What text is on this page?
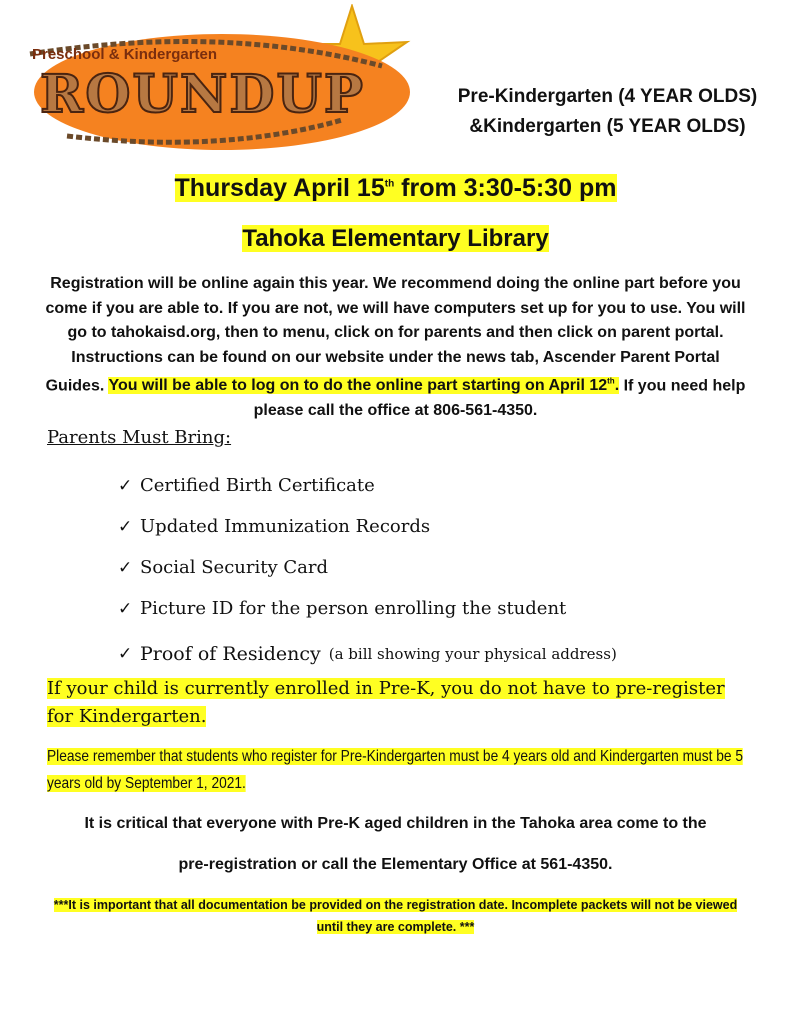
Preschool & Kindergarten
ROUNDUP	Pre-Kindergarten (4 YEAR OLDS)
&Kindergarten (5 YEAR OLDS)
Thursday April 15th from 3:30-5:30 pm
Tahoka Elementary Library
Registration will be online again this year. We recommend doing the online part before you come if you are able to. If you are not, we will have computers set up for you to use. You will go to tahokaisd.org, then to menu, click on for parents and then click on parent portal. Instructions can be found on our website under the news tab, Ascender Parent Portal Guides. You will be able to log on to do the online part starting on April 12th. If you need help please call the office at 806-561-4350.
Parents Must Bring:
✓ Certified Birth Certificate
✓ Updated Immunization Records
✓ Social Security Card
✓ Picture ID for the person enrolling the student
✓ Proof of Residency (a bill showing your physical address)
If your child is currently enrolled in Pre-K, you do not have to pre-register for Kindergarten.
Please remember that students who register for Pre-Kindergarten must be 4 years old and Kindergarten must be 5 years old by September 1, 2021.
It is critical that everyone with Pre-K aged children in the Tahoka area come to the
pre-registration or call the Elementary Office at 561-4350.
***It is important that all documentation be provided on the registration date. Incomplete packets will not be viewed until they are complete. ***
